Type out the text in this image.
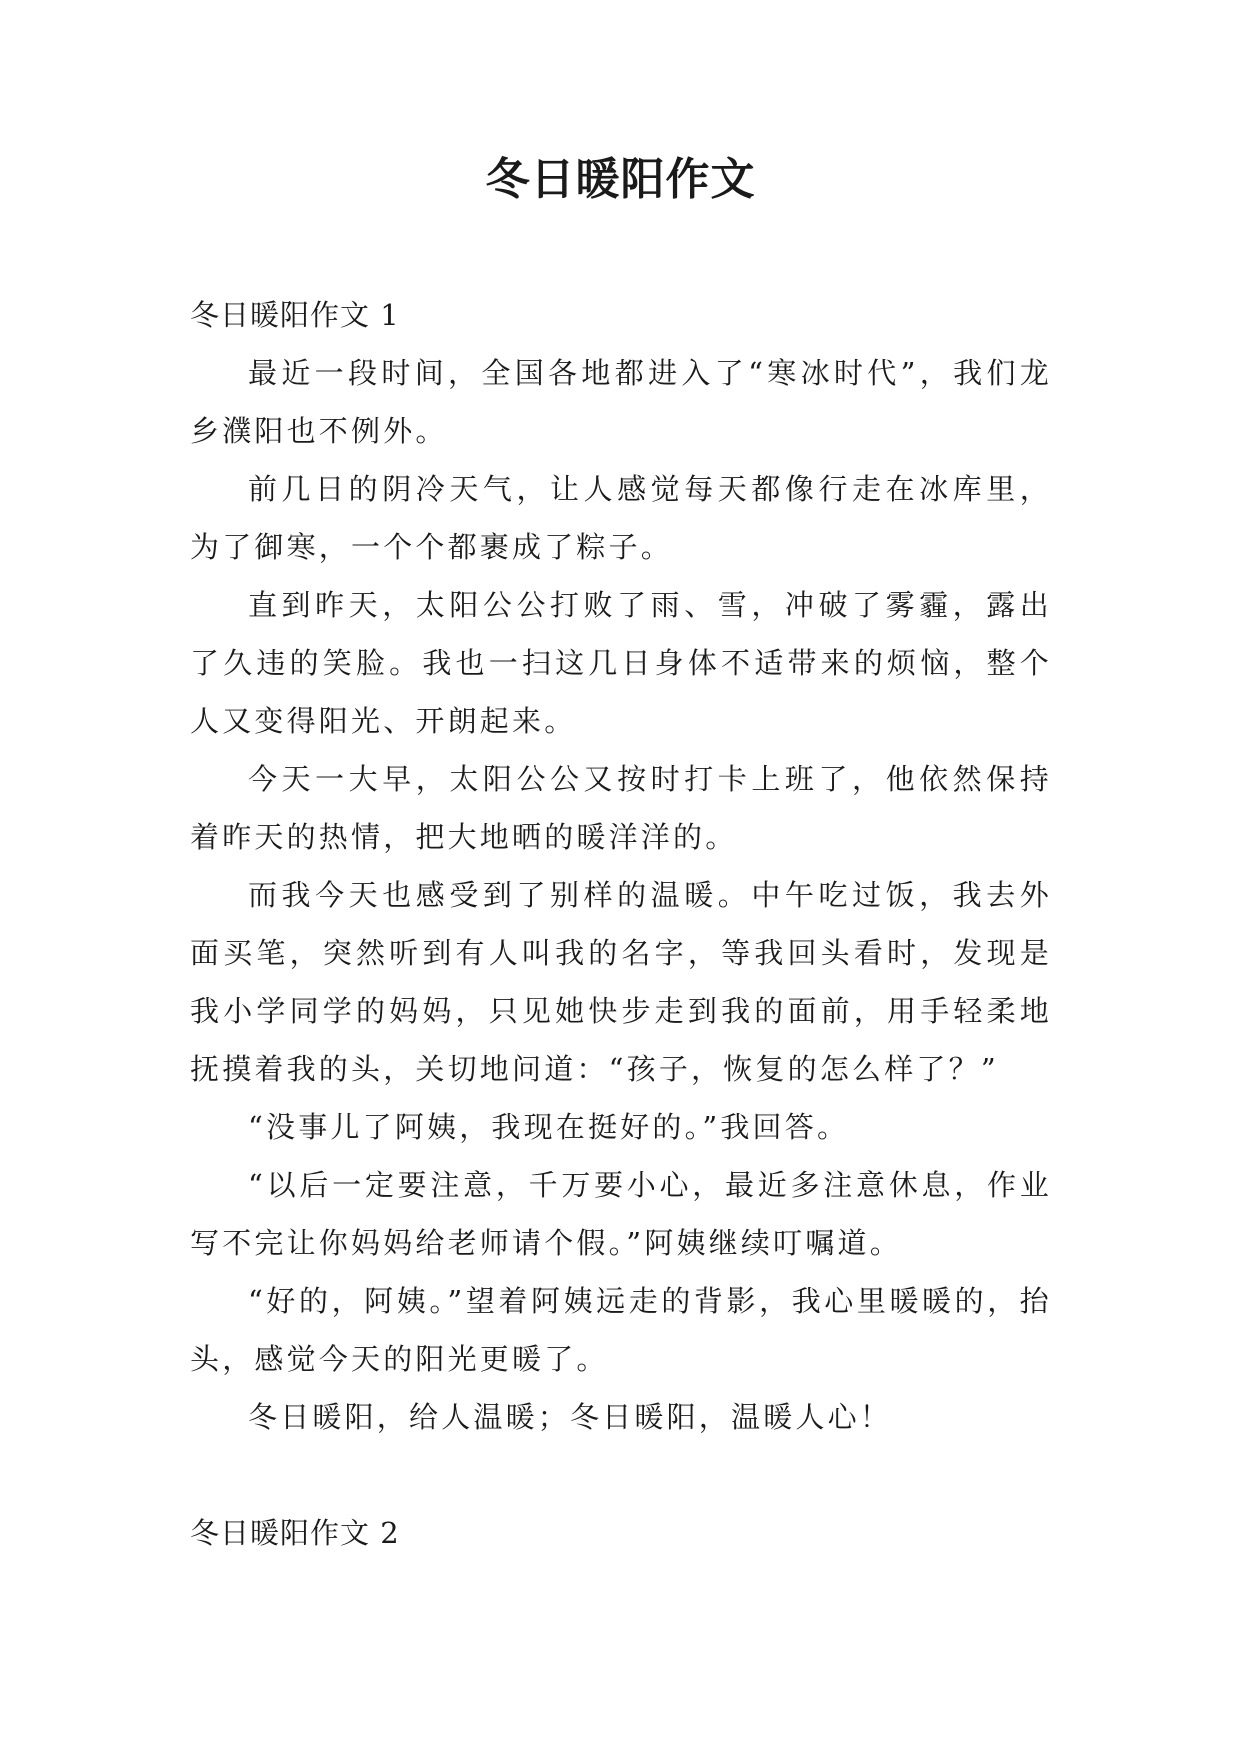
冬日暖阳作文
冬日暖阳作文 1

最近一段时间，全国各地都进入了“寒冰时代”，我们龙乡濮阳也不例外。

前几日的阴冷天气，让人感觉每天都像行走在冰库里，为了御寒，一个个都裹成了粽子。

直到昨天，太阳公公打败了雨、雪，冲破了雾霾，露出了久违的笑脸。我也一扫这几日身体不适带来的烦恼，整个人又变得阳光、开朗起来。

今天一大早，太阳公公又按时打卡上班了，他依然保持着昨天的热情，把大地晒的暖洋洋的。

而我今天也感受到了别样的温暖。中午吃过饭，我去外面买笔，突然听到有人叫我的名字，等我回头看时，发现是我小学同学的妈妈，只见她快步走到我的面前，用手轻柔地抚摸着我的头，关切地问道：“孩子，恢复的怎么样了？”

“没事儿了阿姨，我现在挺好的。”我回答。

“以后一定要注意，千万要小心，最近多注意休息，作业写不完让你妈妈给老师请个假。”阿姨继续叮嘱道。

“好的，阿姨。”望着阿姨远走的背影，我心里暖暖的，抬头，感觉今天的阳光更暖了。

冬日暖阳，给人温暖；冬日暖阳，温暖人心！

冬日暖阳作文 2
